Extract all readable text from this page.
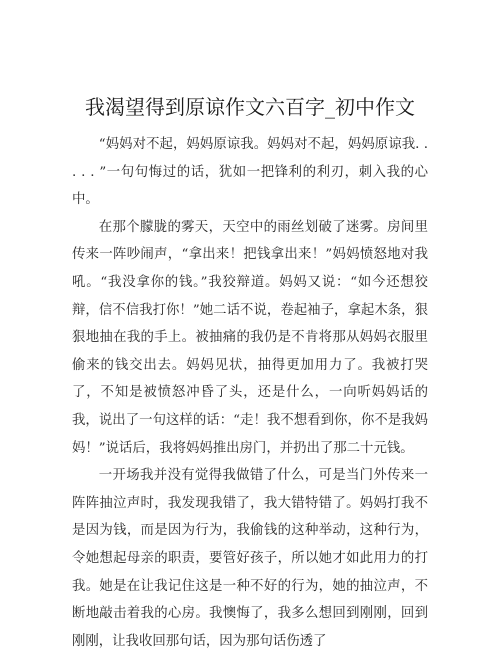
我渴望得到原谅作文六百字_初中作文

“妈妈对不起，妈妈原谅我。妈妈对不起，妈妈原谅我. . . . . ”一句句悔过的话，犹如一把锋利的利刃，刺入我的心中。

在那个朦胧的雾天，天空中的雨丝划破了迷雾。房间里传来一阵吵闹声，“拿出来！把钱拿出来！”妈妈愤怒地对我吼。“我没拿你的钱。”我狡辩道。妈妈又说：“如今还想狡辩，信不信我打你！”她二话不说，卷起袖子，拿起木条，狠狠地抽在我的手上。被抽痛的我仍是不肯将那从妈妈衣服里偷来的钱交出去。妈妈见状，抽得更加用力了。我被打哭了，不知是被愤怒冲昏了头，还是什么，一向听妈妈话的我，说出了一句这样的话：“走！我不想看到你，你不是我妈妈！”说话后，我将妈妈推出房门，并扔出了那二十元钱。

一开场我并没有觉得我做错了什么，可是当门外传来一阵阵抽泣声时，我发现我错了，我大错特错了。妈妈打我不是因为钱，而是因为行为，我偷钱的这种举动，这种行为，令她想起母亲的职责，要管好孩子，所以她才如此用力的打我。她是在让我记住这是一种不好的行为，她的抽泣声，不断地敲击着我的心房。我懊悔了，我多么想回到刚刚，回到刚刚，让我收回那句话，因为那句话伤透了
